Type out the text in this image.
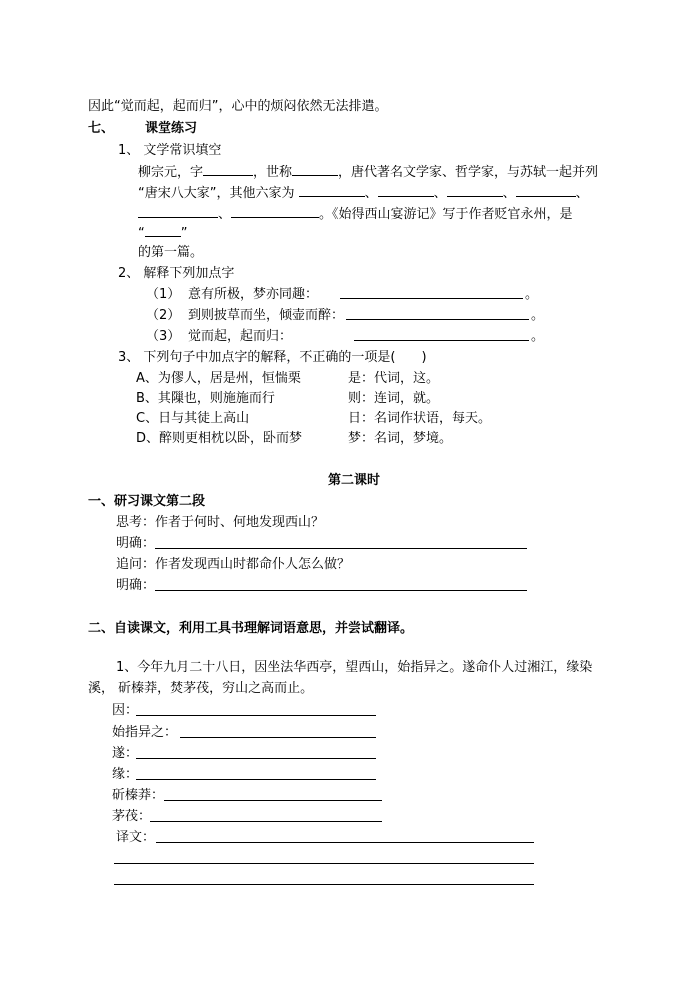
因此“觉而起，起而归”，心中的烦闷依然无法排遣。
七、 课堂练习
1、 文学常识填空
柳宗元，字	，世称	，唐代著名文学家、哲学家，与苏轼一起并列
“唐宋八大家”，其他六家为	、	、	、	、
、	。《始得西山宴游记》写于作者贬官永州，是
“	”
的第一篇。
2、 解释下列加点字
（1） 意有所极，梦亦同趣：	。
（2） 到则披草而坐，倾壶而醉：	。
（3） 觉而起，起而归：	。
3、 下列句子中加点字的解释，不正确的一项是(　　)
A、为僇人，居是州，恒惴栗	是：代词，这。
B、其隟也，则施施而行	则：连词，就。
C、日与其徒上高山	日：名词作状语，每天。
D、醉则更相枕以卧，卧而梦	梦：名词，梦境。
第二课时
一、研习课文第二段
思考：作者于何时、何地发现西山？
明确：
追问：作者发现西山时都命仆人怎么做？
明确：
二、自读课文，利用工具书理解词语意思，并尝试翻译。
1、今年九月二十八日，因坐法华西亭，望西山，始指异之。遂命仆人过湘江，缘染
溪， 斫榛莽，焚茅茷，穷山之高而止。
因：
始指异之：
遂：
缘：
斫榛莽：
茅茷：
译文：
